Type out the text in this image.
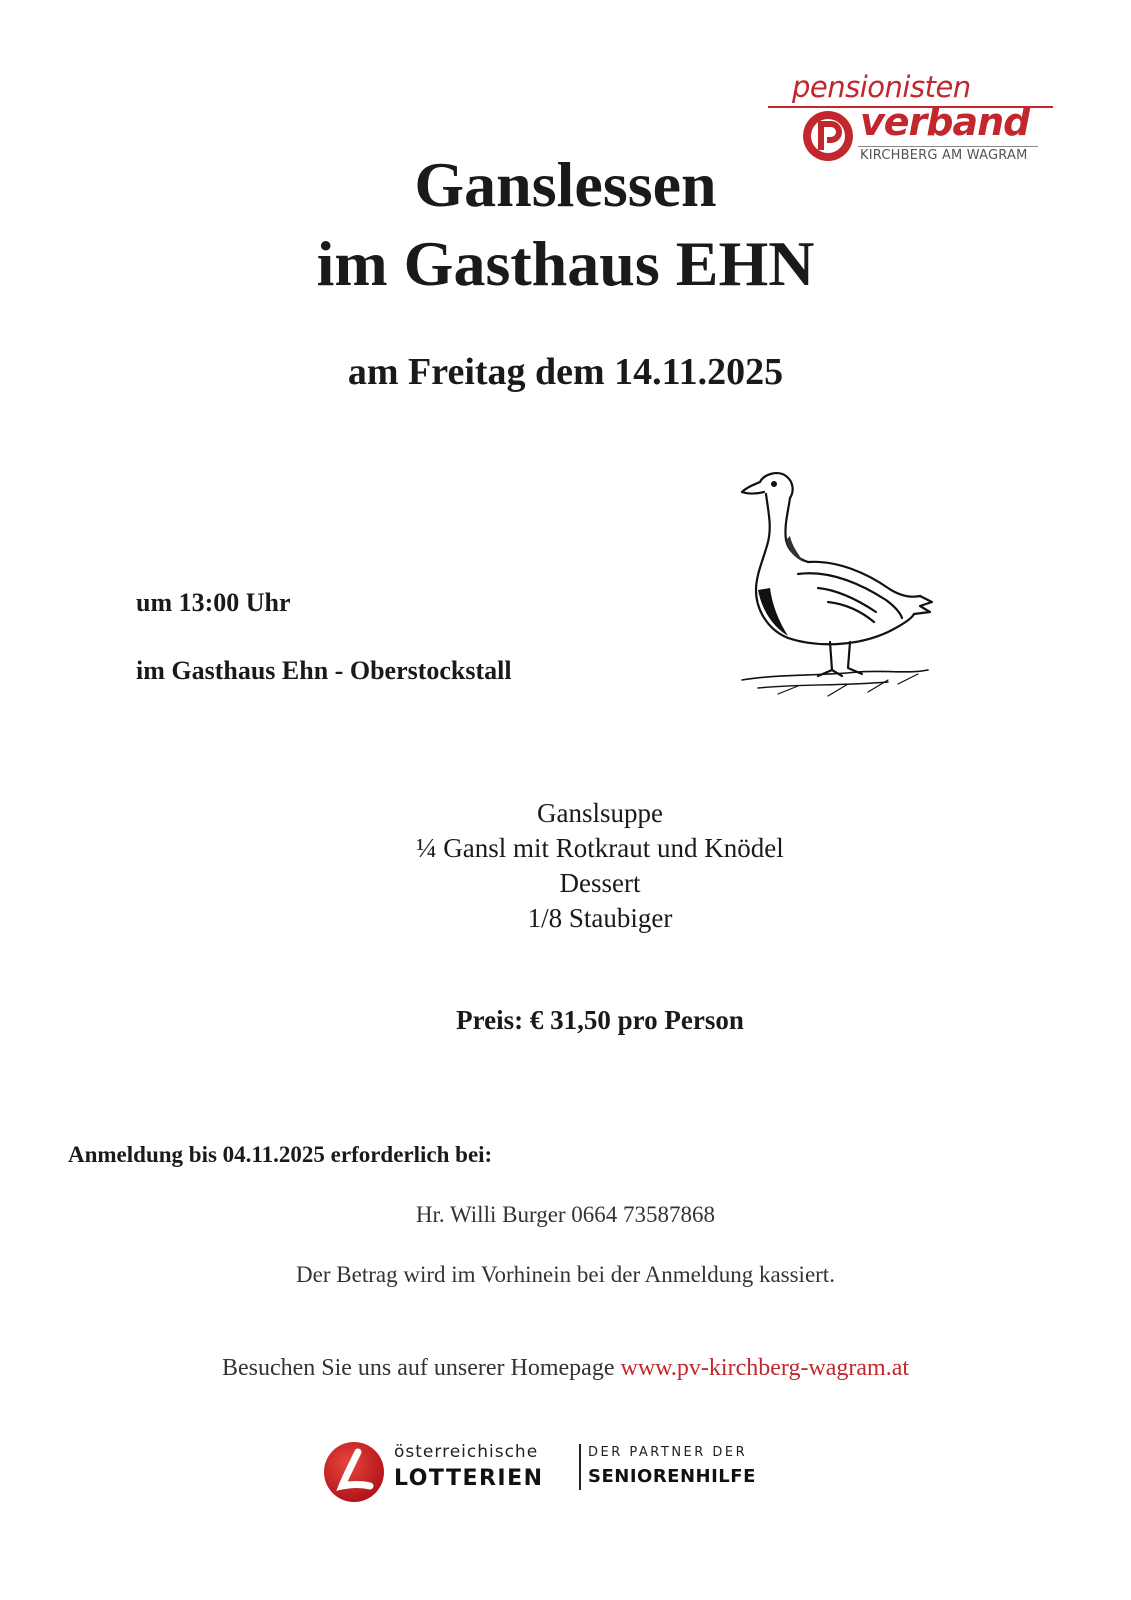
pensionisten
verband
KIRCHBERG AM WAGRAM
Ganslessen
im Gasthaus EHN
am Freitag dem 14.11.2025
um 13:00 Uhr
im Gasthaus Ehn - Oberstockstall
Ganslsuppe
¼ Gansl mit Rotkraut und Knödel
Dessert
1/8 Staubiger
Preis: € 31,50 pro Person
Anmeldung bis 04.11.2025 erforderlich bei:
Hr. Willi Burger 0664 73587868
Der Betrag wird im Vorhinein bei der Anmeldung kassiert.
Besuchen Sie uns auf unserer Homepage www.pv-kirchberg-wagram.at
österreichische
LOTTERIEN
DER PARTNER DER
SENIORENHILFE
